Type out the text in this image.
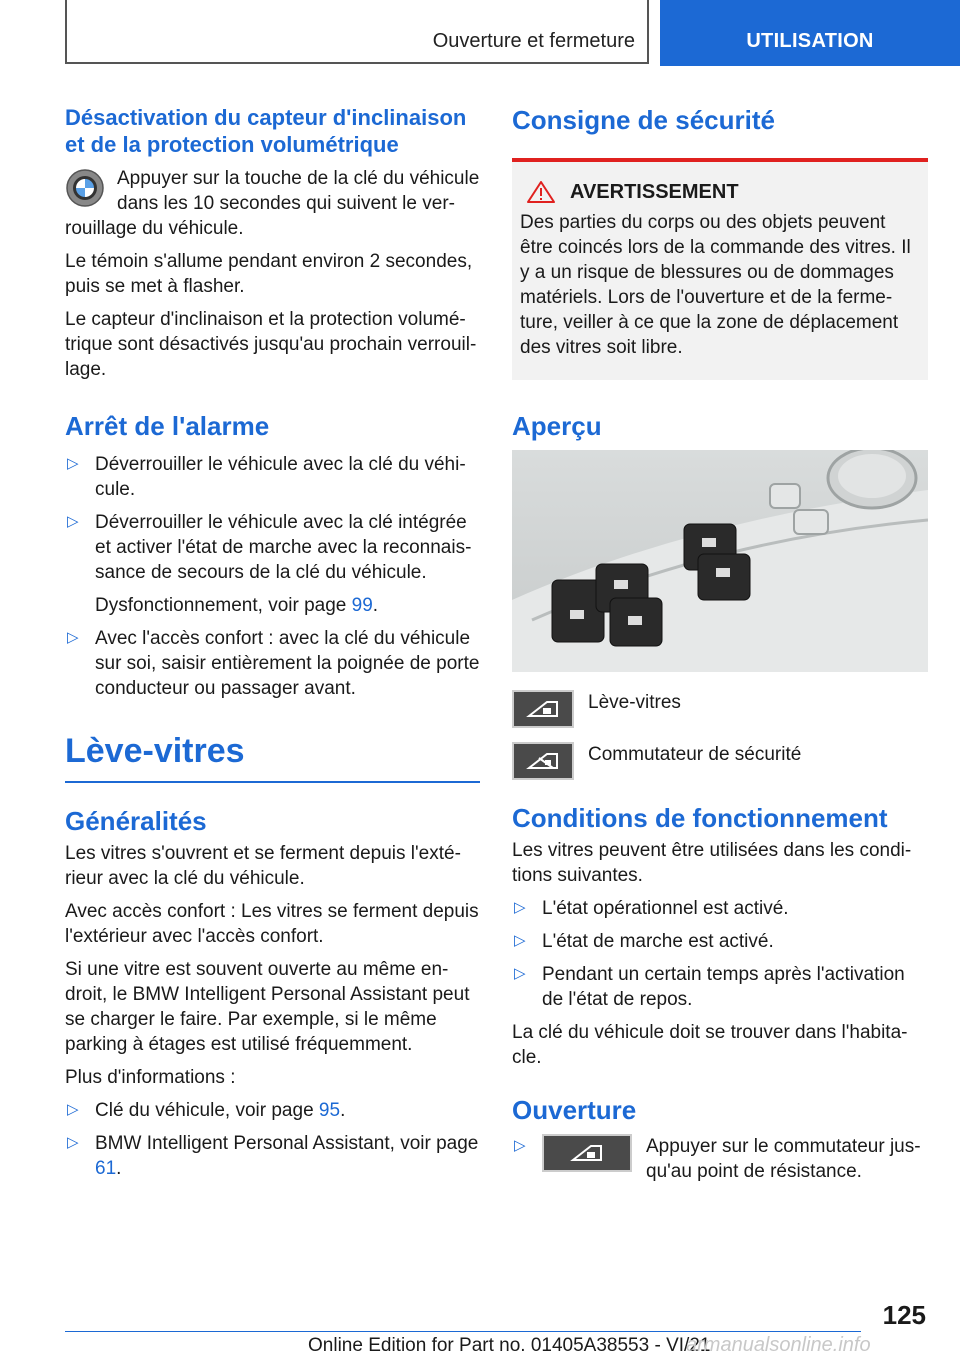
Ouverture et fermeture	UTILISATION
Désactivation du capteur d'inclinaison et de la protection volumétrique

Appuyer sur la touche de la clé du véhicule dans les 10 secondes qui suivent le verrouillage du véhicule.

Le témoin s'allume pendant environ 2 secondes, puis se met à flasher.

Le capteur d'inclinaison et la protection volumétrique sont désactivés jusqu'au prochain verrouillage.

Arrêt de l'alarme
▷ Déverrouiller le véhicule avec la clé du véhicule.
▷ Déverrouiller le véhicule avec la clé intégrée et activer l'état de marche avec la reconnaissance de secours de la clé du véhicule.
Dysfonctionnement, voir page 99.
▷ Avec l'accès confort : avec la clé du véhicule sur soi, saisir entièrement la poignée de porte conducteur ou passager avant.
Lève-vitres
Généralités

Les vitres s'ouvrent et se ferment depuis l'extérieur avec la clé du véhicule.

Avec accès confort : Les vitres se ferment depuis l'extérieur avec l'accès confort.

Si une vitre est souvent ouverte au même endroit, le BMW Intelligent Personal Assistant peut se charger le faire. Par exemple, si le même parking à étages est utilisé fréquemment.

Plus d'informations :

▷ Clé du véhicule, voir page 95.
▷ BMW Intelligent Personal Assistant, voir page 61.
Consigne de sécurité
AVERTISSEMENT

Des parties du corps ou des objets peuvent être coincés lors de la commande des vitres. Il y a un risque de blessures ou de dommages matériels. Lors de l'ouverture et de la fermeture, veiller à ce que la zone de déplacement des vitres soit libre.

Aperçu
Lève-vitres
Commutateur de sécurité
Conditions de fonctionnement

Les vitres peuvent être utilisées dans les conditions suivantes.

▷ L'état opérationnel est activé.
▷ L'état de marche est activé.
▷ Pendant un certain temps après l'activation de l'état de repos.

La clé du véhicule doit se trouver dans l'habitacle.

Ouverture
▷	Appuyer sur le commutateur jusqu'au point de résistance.
125
Online Edition for Part no. 01405A38553 - VI/21
armanualsonline.info
